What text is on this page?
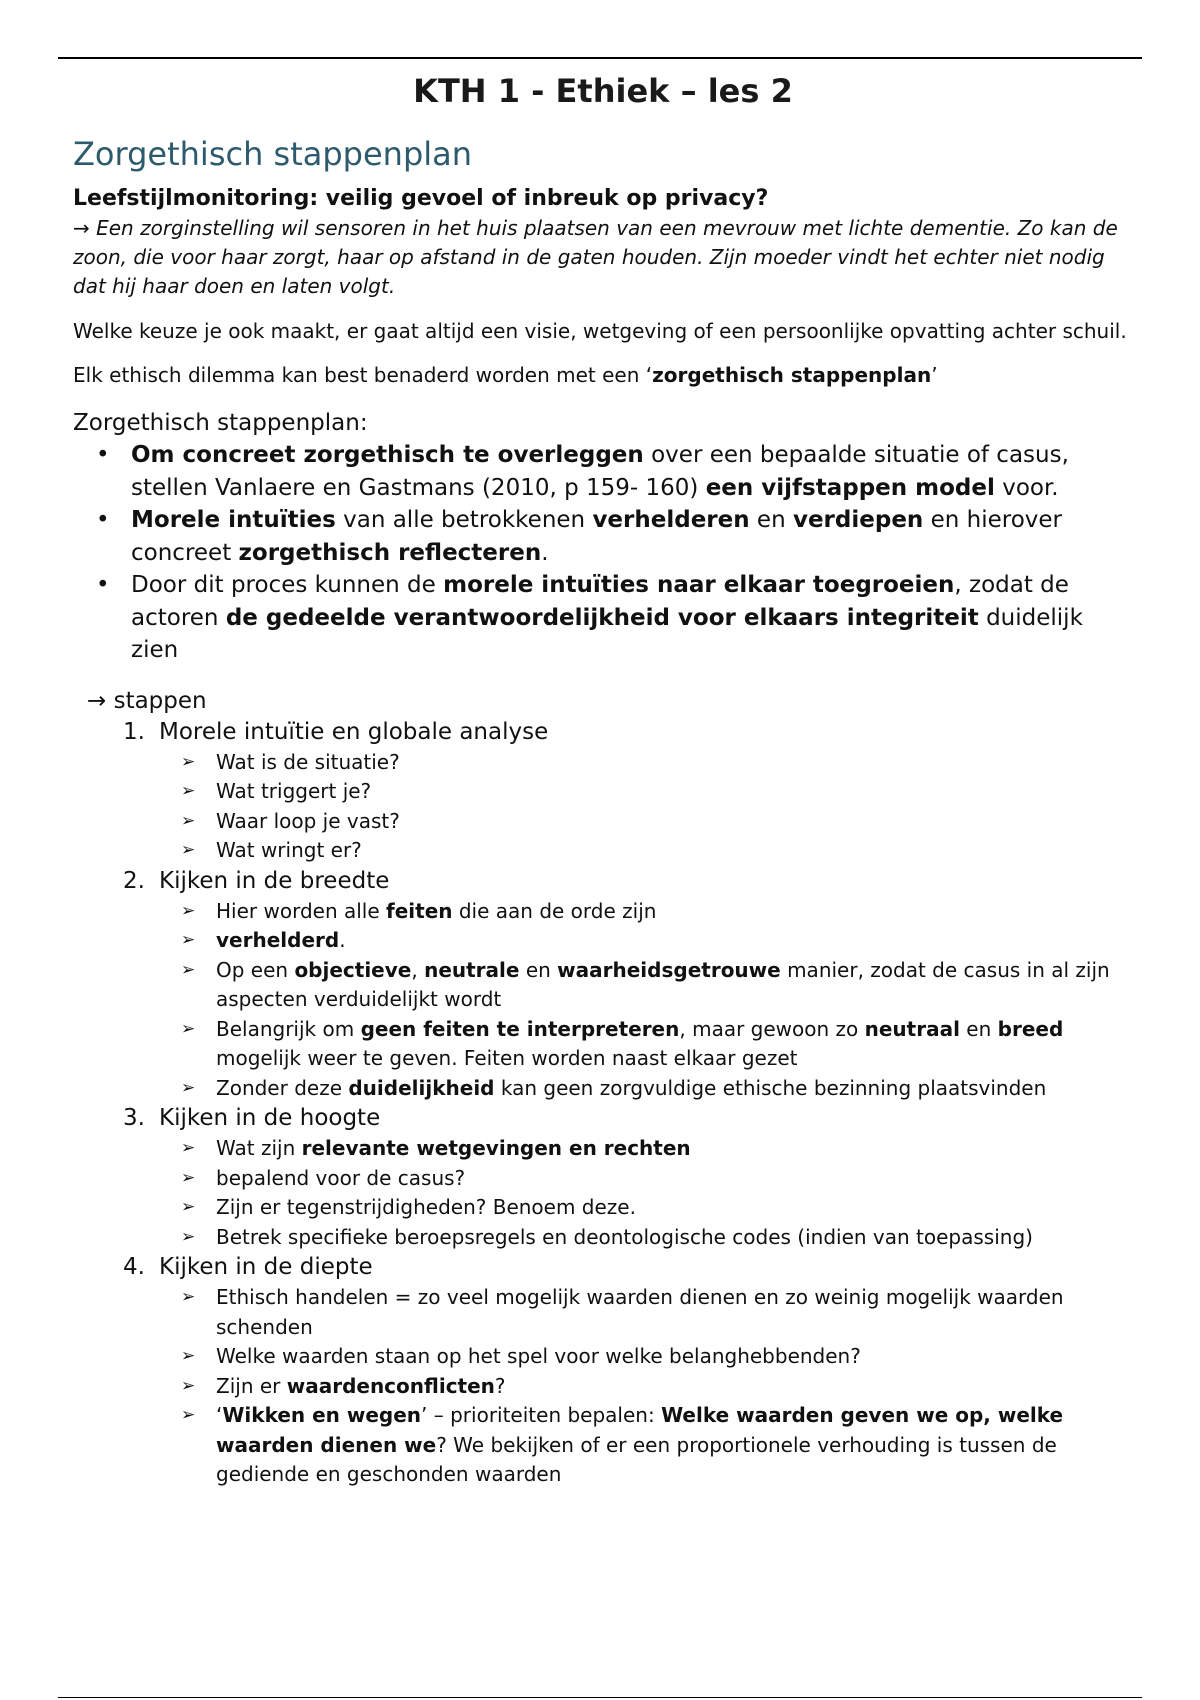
KTH 1 - Ethiek – les 2
Zorgethisch stappenplan
Leefstijlmonitoring: veilig gevoel of inbreuk op privacy?
→ Een zorginstelling wil sensoren in het huis plaatsen van een mevrouw met lichte dementie. Zo kan de zoon, die voor haar zorgt, haar op afstand in de gaten houden. Zijn moeder vindt het echter niet nodig dat hij haar doen en laten volgt.

Welke keuze je ook maakt, er gaat altijd een visie, wetgeving of een persoonlijke opvatting achter schuil.

Elk ethisch dilemma kan best benaderd worden met een ‘zorgethisch stappenplan’

Zorgethisch stappenplan:
• Om concreet zorgethisch te overleggen over een bepaalde situatie of casus, stellen Vanlaere en Gastmans (2010, p 159- 160) een vijfstappen model voor.
• Morele intuïties van alle betrokkenen verhelderen en verdiepen en hierover concreet zorgethisch reflecteren.
• Door dit proces kunnen de morele intuïties naar elkaar toegroeien, zodat de actoren de gedeelde verantwoordelijkheid voor elkaars integriteit duidelijk zien
→ stappen
1. Morele intuïtie en globale analyse
➢ Wat is de situatie?
➢ Wat triggert je?
➢ Waar loop je vast?
➢ Wat wringt er?
2. Kijken in de breedte
➢ Hier worden alle feiten die aan de orde zijn
➢ verhelderd.
➢ Op een objectieve, neutrale en waarheidsgetrouwe manier, zodat de casus in al zijn aspecten verduidelijkt wordt
➢ Belangrijk om geen feiten te interpreteren, maar gewoon zo neutraal en breed mogelijk weer te geven. Feiten worden naast elkaar gezet
➢ Zonder deze duidelijkheid kan geen zorgvuldige ethische bezinning plaatsvinden
3. Kijken in de hoogte
➢ Wat zijn relevante wetgevingen en rechten
➢ bepalend voor de casus?
➢ Zijn er tegenstrijdigheden? Benoem deze.
➢ Betrek specifieke beroepsregels en deontologische codes (indien van toepassing)
4. Kijken in de diepte
➢ Ethisch handelen = zo veel mogelijk waarden dienen en zo weinig mogelijk waarden schenden
➢ Welke waarden staan op het spel voor welke belanghebbenden?
➢ Zijn er waardenconflicten?
➢ ‘Wikken en wegen’ – prioriteiten bepalen: Welke waarden geven we op, welke waarden dienen we? We bekijken of er een proportionele verhouding is tussen de gediende en geschonden waarden
